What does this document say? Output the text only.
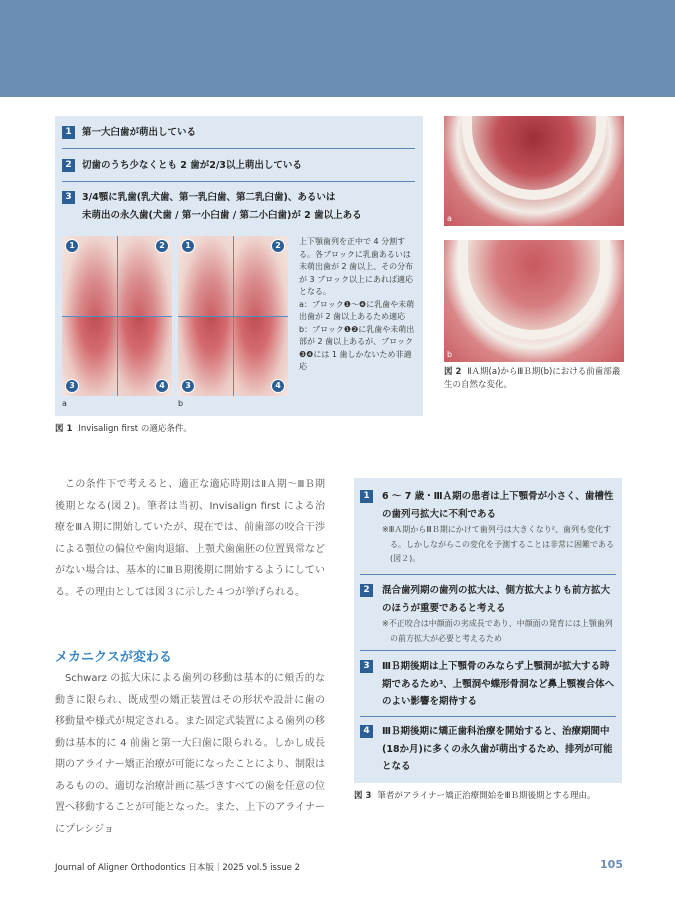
1	第一大臼歯が萌出している
2	切歯のうち少なくとも 2 歯が2/3以上萌出している
3	3/4顎に乳歯(乳犬歯、第一乳臼歯、第二乳臼歯)、あるいは
未萌出の永久歯(犬歯 / 第一小臼歯 / 第二小臼歯)が 2 歯以上ある
1	2
3	4
a
1	2
3	4
b

上下顎歯列を正中で 4 分割する。各ブロックに乳歯あるいは未萌出歯が 2 歯以上、その分布が 3 ブロック以上にあれば適応となる。

a：ブロック❶〜❹に乳歯や未萌出歯が 2 歯以上あるため適応

b：ブロック❶❷に乳歯や未萌出部が 2 歯以上あるが、ブロック❸❹には 1 歯しかないため非適応

図 1 Invisalign first の適応条件。
a
b
図 2 ⅡＡ期(a)からⅢＢ期(b)における前歯部叢生の自然な変化。

この条件下で考えると、適正な適応時期はⅡＡ期〜ⅢＢ期後期となる(図２)。筆者は当初、Invisalign first による治療をⅢＡ期に開始していたが、現在では、前歯部の咬合干渉による顎位の偏位や歯肉退縮、上顎犬歯歯胚の位置異常などがない場合は、基本的にⅢＢ期後期に開始するようにしている。その理由としては図３に示した４つが挙げられる。

メカニクスが変わる

Schwarz の拡大床による歯列の移動は基本的に頬舌的な動きに限られ、既成型の矯正装置はその形状や設計に歯の移動量や様式が規定される。また固定式装置による歯列の移動は基本的に 4 前歯と第一大臼歯に限られる。しかし成長期のアライナー矯正治療が可能になったことにより、制限はあるものの、適切な治療計画に基づきすべての歯を任意の位置へ移動することが可能となった。また、上下のアライナーにプレシジョ

1	6 〜 7 歳・ⅢＡ期の患者は上下顎骨が小さく、歯槽性の歯列弓拡大に不利である
※ⅢＡ期からⅢＢ期にかけて歯列弓は大きくなり²、歯列も変化する。しかしながらこの変化を予測することは非常に困難である(図２)。
2	混合歯列期の歯列の拡大は、側方拡大よりも前方拡大のほうが重要であると考える
※不正咬合は中顔面の劣成長であり、中顔面の発育には上顎歯列の前方拡大が必要と考えるため
3	ⅢＢ期後期は上下顎骨のみならず上顎洞が拡大する時期であるため³、上顎洞や蝶形骨洞など鼻上顎複合体へのよい影響を期待する
4	ⅢＢ期後期に矯正歯科治療を開始すると、治療期間中(18か月)に多くの永久歯が萌出するため、排列が可能となる
図 3 筆者がアライナー矯正治療開始をⅢＢ期後期とする理由。
Journal of Aligner Orthodontics 日本版｜2025 vol.5 issue 2	105
